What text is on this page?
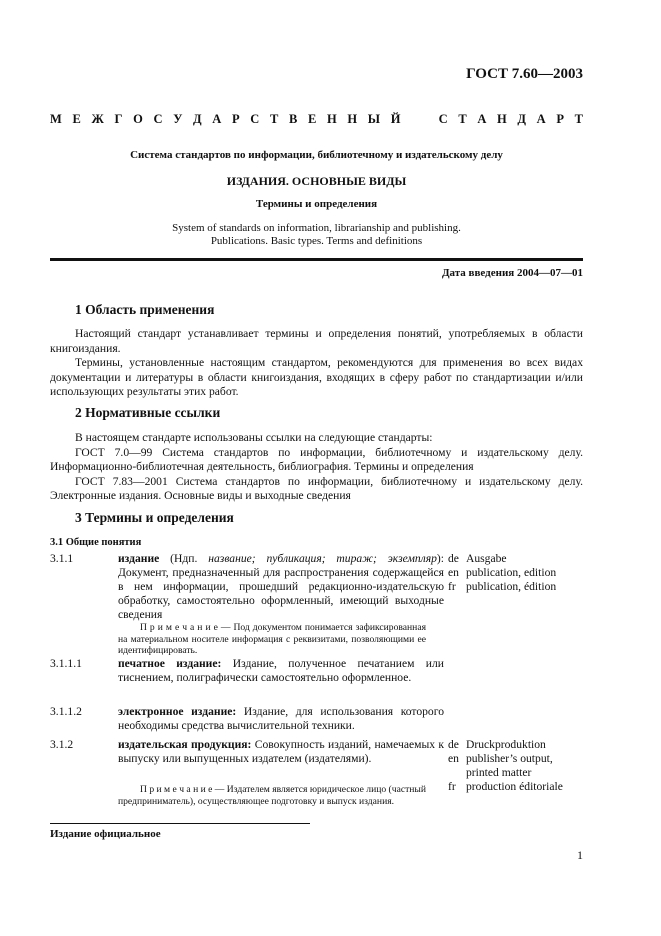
ГОСТ 7.60—2003
М Е Ж Г О С У Д А Р С Т В Е Н Н Ы Й

	С Т А Н Д А Р Т
Система стандартов по информации, библиотечному и издательскому делу
ИЗДАНИЯ. ОСНОВНЫЕ ВИДЫ
Термины и определения
System of standards on information, librarianship and publishing.
Publications. Basic types. Terms and definitions
Дата введения 2004—07—01
1 Область применения

Настоящий стандарт устанавливает термины и определения понятий, употребляемых в области книгоиздания.

Термины, установленные настоящим стандартом, рекомендуются для применения во всех видах документации и литературы в области книгоиздания, входящих в сферу работ по стандартизации и/или использующих результаты этих работ.

2 Нормативные ссылки

В настоящем стандарте использованы ссылки на следующие стандарты:

ГОСТ 7.0—99 Система стандартов по информации, библиотечному и издательскому делу. Информационно-библиотечная деятельность, библиография. Термины и определения

ГОСТ 7.83—2001 Система стандартов по информации, библиотечному и издательскому делу. Электронные издания. Основные виды и выходные сведения

3 Термины и определения
3.1 Общие понятия
3.1.1	издание (Ндп. название; публикация; тираж; экземпляр): Документ, предназначенный для распространения содержащейся в нем информации, прошедший редакционно-издательскую обработку, самостоятельно оформленный, имеющий выходные сведения

П р и м е ч а н и е — Под документом понимается зафиксированная на материальном носителе информация с реквизитами, позволяющими ее идентифицировать.

de Ausgabe
en publication, edition
fr publication, édition
3.1.1.1	печатное издание: Издание, полученное печатанием или тиснением, полиграфически самостоятельно оформленное.

3.1.1.2	электронное издание: Издание, для использования которого необходимы средства вычислительной техники.

3.1.2	издательская продукция: Совокупность изданий, намечаемых к выпуску или выпущенных издателем (издателями).

П р и м е ч а н и е — Издателем является юридическое лицо (частный предприниматель), осуществляющее подготовку и выпуск издания.

de Druckproduktion
en publisher’s output,
printed matter
fr production éditoriale
Издание официальное
1
